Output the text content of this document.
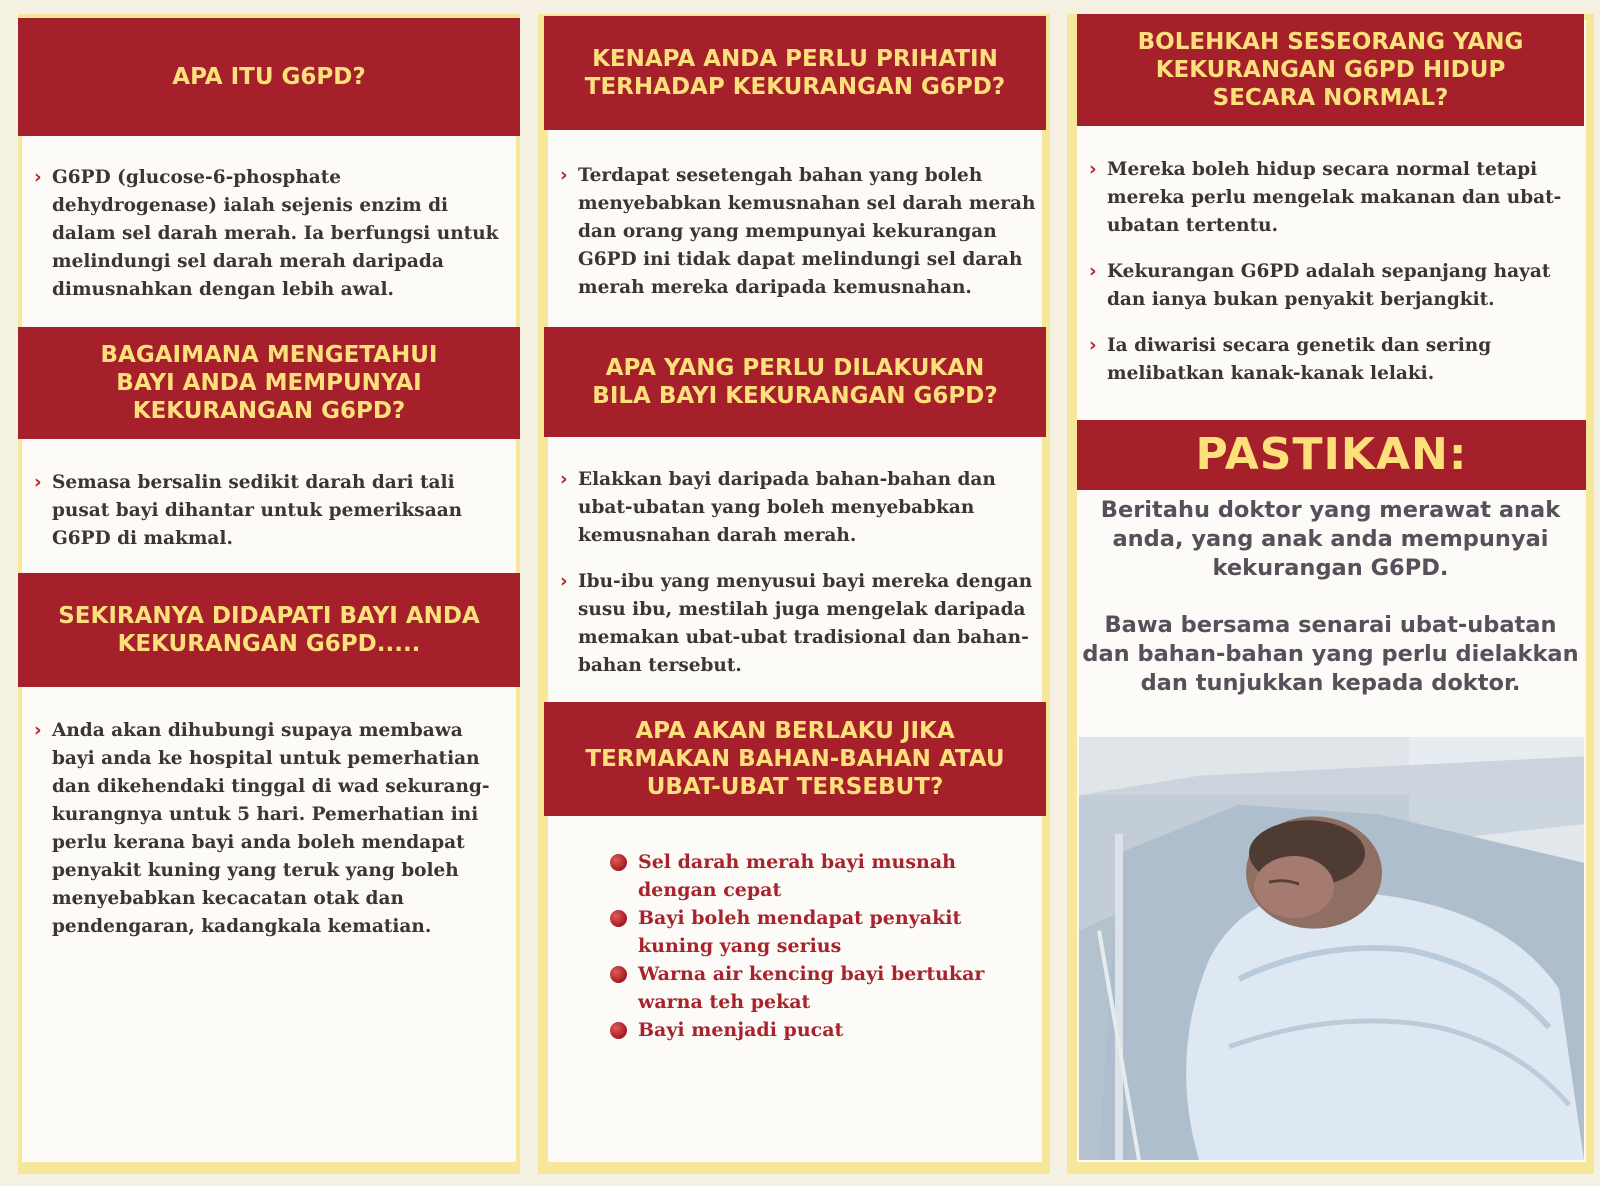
APA ITU G6PD?
› G6PD (glucose-6-phosphate dehydrogenase) ialah sejenis enzim di dalam sel darah merah. Ia berfungsi untuk melindungi sel darah merah daripada dimusnahkan dengan lebih awal.
BAGAIMANA MENGETAHUI
BAYI ANDA MEMPUNYAI
KEKURANGAN G6PD?
› Semasa bersalin sedikit darah dari tali pusat bayi dihantar untuk pemeriksaan G6PD di makmal.
SEKIRANYA DIDAPATI BAYI ANDA
KEKURANGAN G6PD.....
› Anda akan dihubungi supaya membawa bayi anda ke hospital untuk pemerhatian dan dikehendaki tinggal di wad sekurang-kurangnya untuk 5 hari. Pemerhatian ini perlu kerana bayi anda boleh mendapat penyakit kuning yang teruk yang boleh menyebabkan kecacatan otak dan pendengaran, kadangkala kematian.
KENAPA ANDA PERLU PRIHATIN
TERHADAP KEKURANGAN G6PD?
› Terdapat sesetengah bahan yang boleh menyebabkan kemusnahan sel darah merah dan orang yang mempunyai kekurangan G6PD ini tidak dapat melindungi sel darah merah mereka daripada kemusnahan.
APA YANG PERLU DILAKUKAN
BILA BAYI KEKURANGAN G6PD?
› Elakkan bayi daripada bahan-bahan dan ubat-ubatan yang boleh menyebabkan kemusnahan darah merah.
› Ibu-ibu yang menyusui bayi mereka dengan susu ibu, mestilah juga mengelak daripada memakan ubat-ubat tradisional dan bahan-bahan tersebut.
APA AKAN BERLAKU JIKA
TERMAKAN BAHAN-BAHAN ATAU
UBAT-UBAT TERSEBUT?
Sel darah merah bayi musnah dengan cepat
Bayi boleh mendapat penyakit kuning yang serius
Warna air kencing bayi bertukar warna teh pekat
Bayi menjadi pucat
BOLEHKAH SESEORANG YANG
KEKURANGAN G6PD HIDUP
SECARA NORMAL?
› Mereka boleh hidup secara normal tetapi mereka perlu mengelak makanan dan ubat-ubatan tertentu.
› Kekurangan G6PD adalah sepanjang hayat dan ianya bukan penyakit berjangkit.
› Ia diwarisi secara genetik dan sering melibatkan kanak-kanak lelaki.
PASTIKAN:
Beritahu doktor yang merawat anak anda, yang anak anda mempunyai kekurangan G6PD.
Bawa bersama senarai ubat-ubatan dan bahan-bahan yang perlu dielakkan dan tunjukkan kepada doktor.
